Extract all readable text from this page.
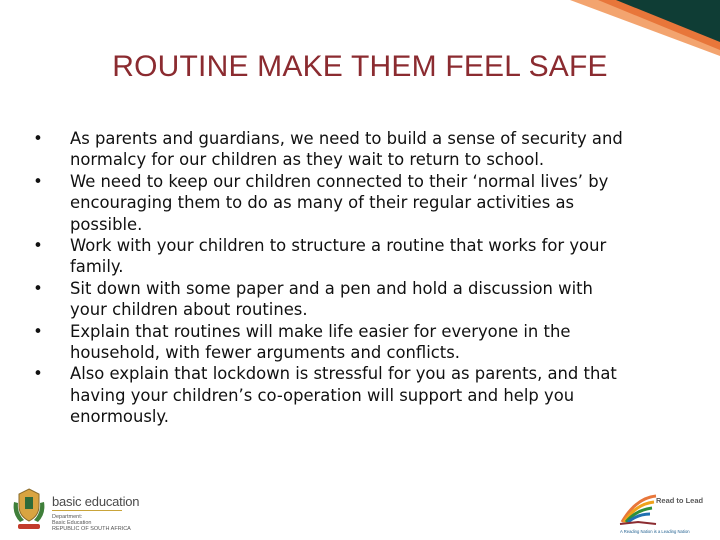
ROUTINE MAKE THEM FEEL SAFE
•	As parents and guardians, we need to build a sense of security and
normalcy for our children as they wait to return to school.
•	We need to keep our children connected to their ‘normal lives’ by
encouraging them to do as many of their regular activities as
possible.
•	Work with your children to structure a routine that works for your
family.
•	Sit down with some paper and a pen and hold a discussion with
your children about routines.
•	Explain that routines will make life easier for everyone in the
household, with fewer arguments and conflicts.
•	Also explain that lockdown is stressful for you as parents, and that
having your children’s co-operation will support and help you
enormously.
basic education
Department:
Basic Education
REPUBLIC OF SOUTH AFRICA
Read to Lead
A Reading Nation is a Leading Nation
